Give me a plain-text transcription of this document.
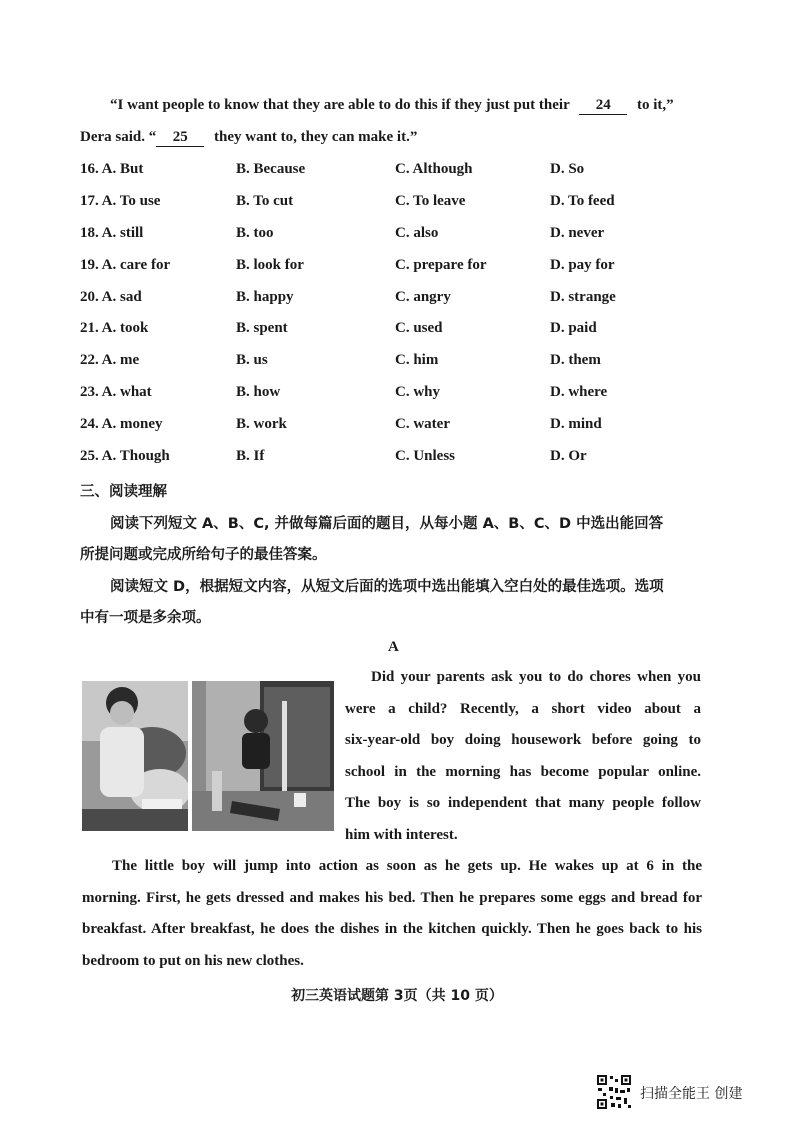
“I want people to know that they are able to do this if they just put their 24 to it,”
Dera said. “ 25 they want to, they can make it.”
16. A. But	B. Because	C. Although	D. So
17. A. To use	B. To cut	C. To leave	D. To feed
18. A. still	B. too	C. also	D. never
19. A. care for	B. look for	C. prepare for	D. pay for
20. A. sad	B. happy	C. angry	D. strange
21. A. took	B. spent	C. used	D. paid
22. A. me	B. us	C. him	D. them
23. A. what	B. how	C. why	D. where
24. A. money	B. work	C. water	D. mind
25. A. Though	B. If	C. Unless	D. Or
三、阅读理解
阅读下列短文 A、B、C, 并做每篇后面的题目，从每小题 A、B、C、D 中选出能回答
所提问题或完成所给句子的最佳答案。
阅读短文 D，根据短文内容，从短文后面的选项中选出能填入空白处的最佳选项。选项
中有一项是多余项。
A
Did your parents ask you to do chores when you
were a child? Recently, a short video about a
six-year-old boy doing housework before going to
school in the morning has become popular online.
The boy is so independent that many people follow
him with interest.
The little boy will jump into action as soon as he gets up. He wakes up at 6 in the
morning. First, he gets dressed and makes his bed. Then he prepares some eggs and bread for
breakfast. After breakfast, he does the dishes in the kitchen quickly. Then he goes back to his
bedroom to put on his new clothes.
初三英语试题第 3页（共 10 页）
扫描全能王 创建
